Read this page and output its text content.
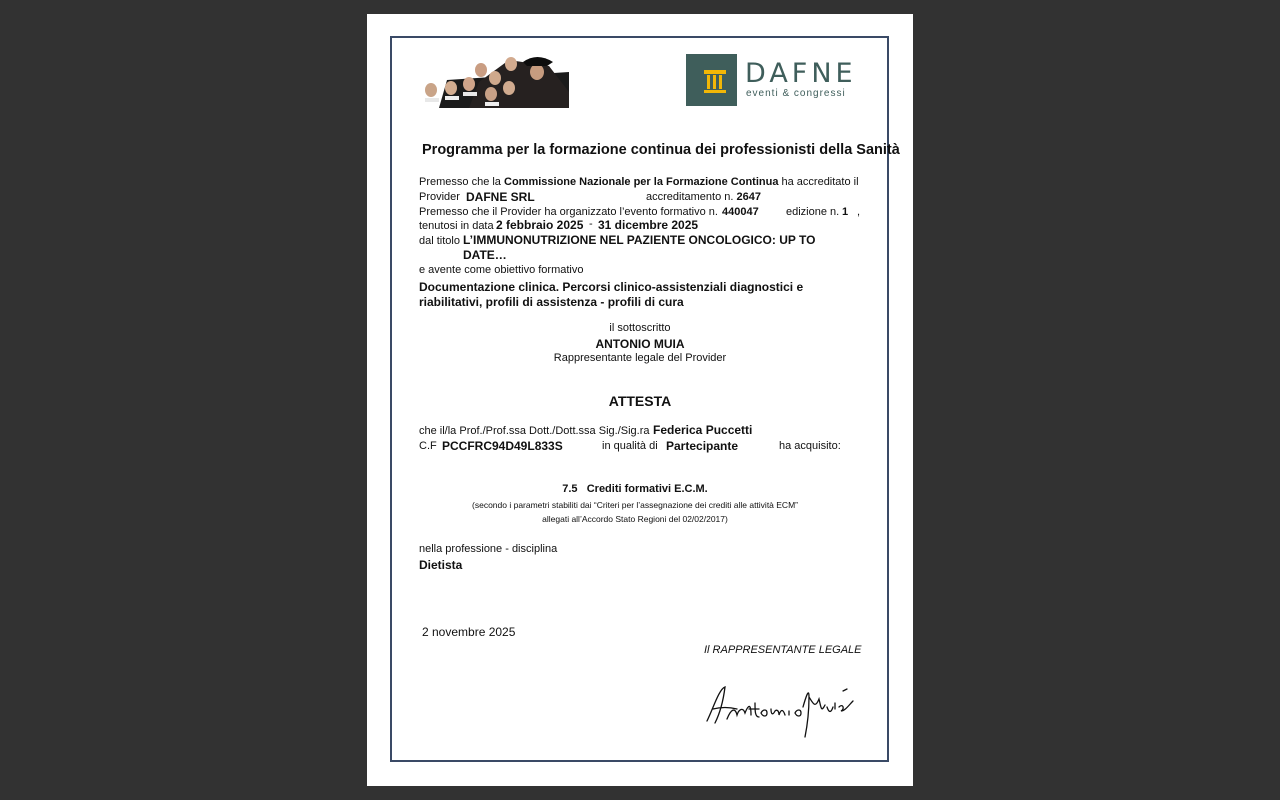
DAFNE
eventi & congressi
Programma per la formazione continua dei professionisti della Sanità
Premesso che la Commissione Nazionale per la Formazione Continua ha accreditato il
Provider DAFNE SRL	accreditamento n. 2647
Premesso che il Provider ha organizzato l’evento formativo n. 440047 edizione n. 1 ,
tenutosi in data 2 febbraio 2025 - 31 dicembre 2025
dal titolo L’IMMUNONUTRIZIONE NEL PAZIENTE ONCOLOGICO: UP TO
DATE…
e avente come obiettivo formativo
Documentazione clinica. Percorsi clinico-assistenziali diagnostici e
riabilitativi, profili di assistenza - profili di cura
il sottoscritto
ANTONIO MUIA
Rappresentante legale del Provider
ATTESTA
che il/la Prof./Prof.ssa Dott./Dott.ssa Sig./Sig.ra Federica Puccetti
C.F PCCFRC94D49L833S	in qualità di Partecipante	ha acquisito:
7.5 Crediti formativi E.C.M.
(secondo i parametri stabiliti dai “Criteri per l’assegnazione dei crediti alle attività ECM”
allegati all’Accordo Stato Regioni del 02/02/2017)
nella professione - disciplina
Dietista
2 novembre 2025
Il RAPPRESENTANTE LEGALE
